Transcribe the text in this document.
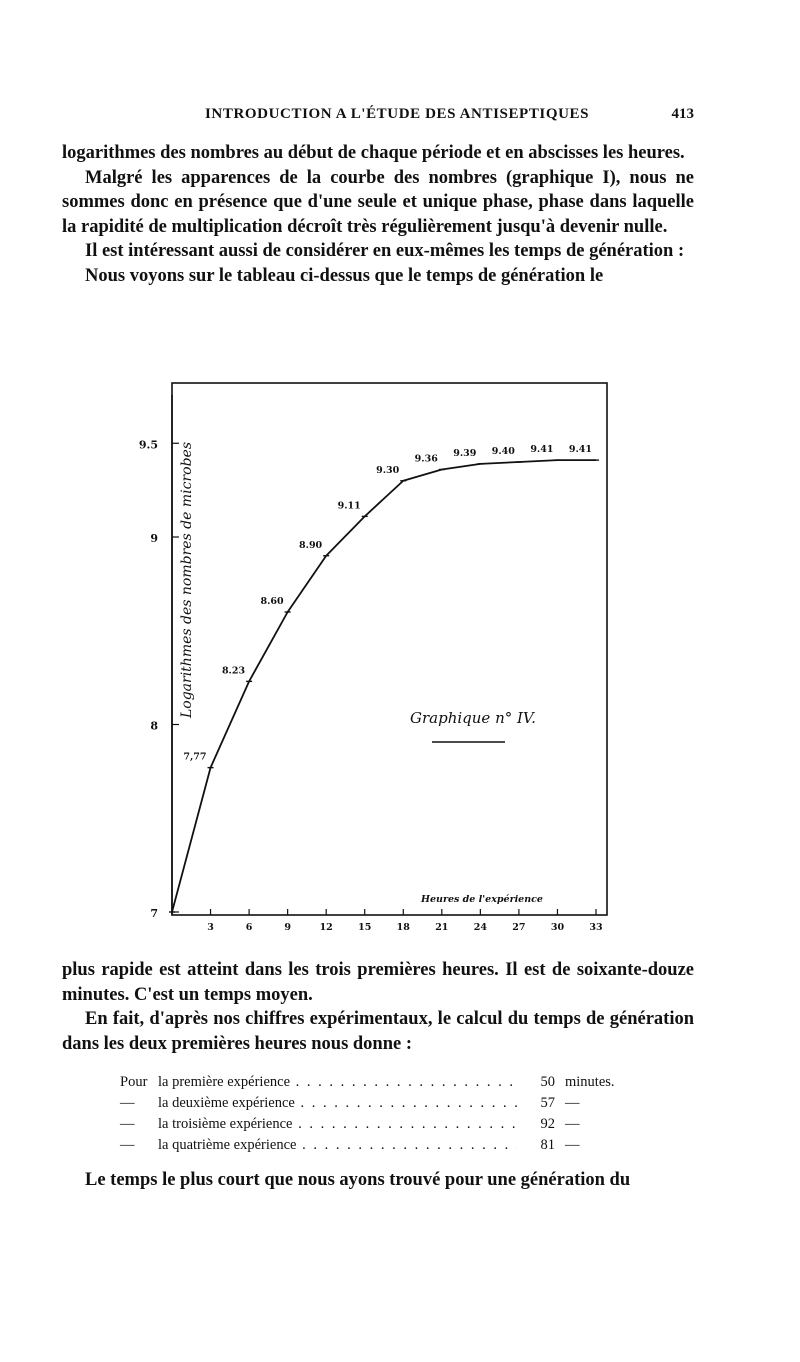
INTRODUCTION A L'ÉTUDE DES ANTISEPTIQUES	413

logarithmes des nombres au début de chaque période et en abscisses les heures.

Malgré les apparences de la courbe des nombres (graphique I), nous ne sommes donc en présence que d'une seule et unique phase, phase dans laquelle la rapidité de multiplication décroît très régulièrement jusqu'à devenir nulle.

Il est intéressant aussi de considérer en eux-mêmes les temps de génération :

Nous voyons sur le tableau ci-dessus que le temps de génération le

7
8
9
9.5
3	6	9	12	15	18	21	24	27	30	33
7,77
8.23
8.60
8.90
9.11
9.30
9.36
9.39 9.40 9.41 9.41
Logarithmes des nombres de microbes
Heures de l'expérience
Graphique n° IV.

plus rapide est atteint dans les trois premières heures. Il est de soixante-douze minutes. C'est un temps moyen.

En fait, d'après nos chiffres expérimentaux, le calcul du temps de génération dans les deux premières heures nous donne :

Pour la première expérience . . .	50 minutes.
—	la deuxième expérience . . .	57 —
—	la troisième expérience . . .	92 —
—	la quatrième expérience . . .	81 —

Le temps le plus court que nous ayons trouvé pour une génération du
